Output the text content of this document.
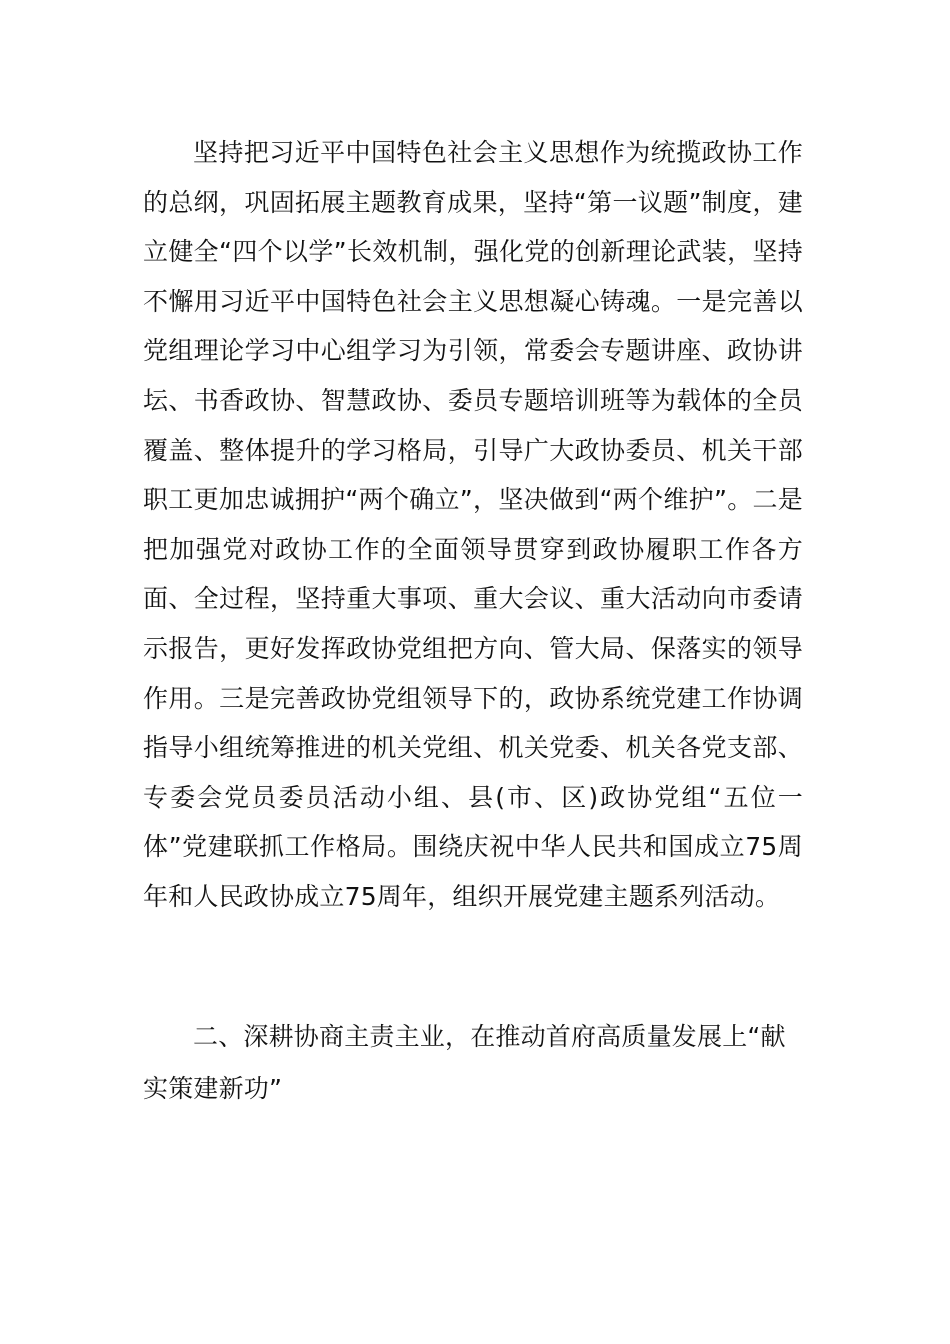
坚持把习近平中国特色社会主义思想作为统揽政协工作的总纲，巩固拓展主题教育成果，坚持“第一议题”制度，建立健全“四个以学”长效机制，强化党的创新理论武装，坚持不懈用习近平中国特色社会主义思想凝心铸魂。一是完善以党组理论学习中心组学习为引领，常委会专题讲座、政协讲坛、书香政协、智慧政协、委员专题培训班等为载体的全员覆盖、整体提升的学习格局，引导广大政协委员、机关干部职工更加忠诚拥护“两个确立”，坚决做到“两个维护”。二是把加强党对政协工作的全面领导贯穿到政协履职工作各方面、全过程，坚持重大事项、重大会议、重大活动向市委请示报告，更好发挥政协党组把方向、管大局、保落实的领导作用。三是完善政协党组领导下的，政协系统党建工作协调指导小组统筹推进的机关党组、机关党委、机关各党支部、专委会党员委员活动小组、县(市、区)政协党组“五位一体”党建联抓工作格局。围绕庆祝中华人民共和国成立75周年和人民政协成立75周年，组织开展党建主题系列活动。

二、深耕协商主责主业，在推动首府高质量发展上“献实策建新功”
